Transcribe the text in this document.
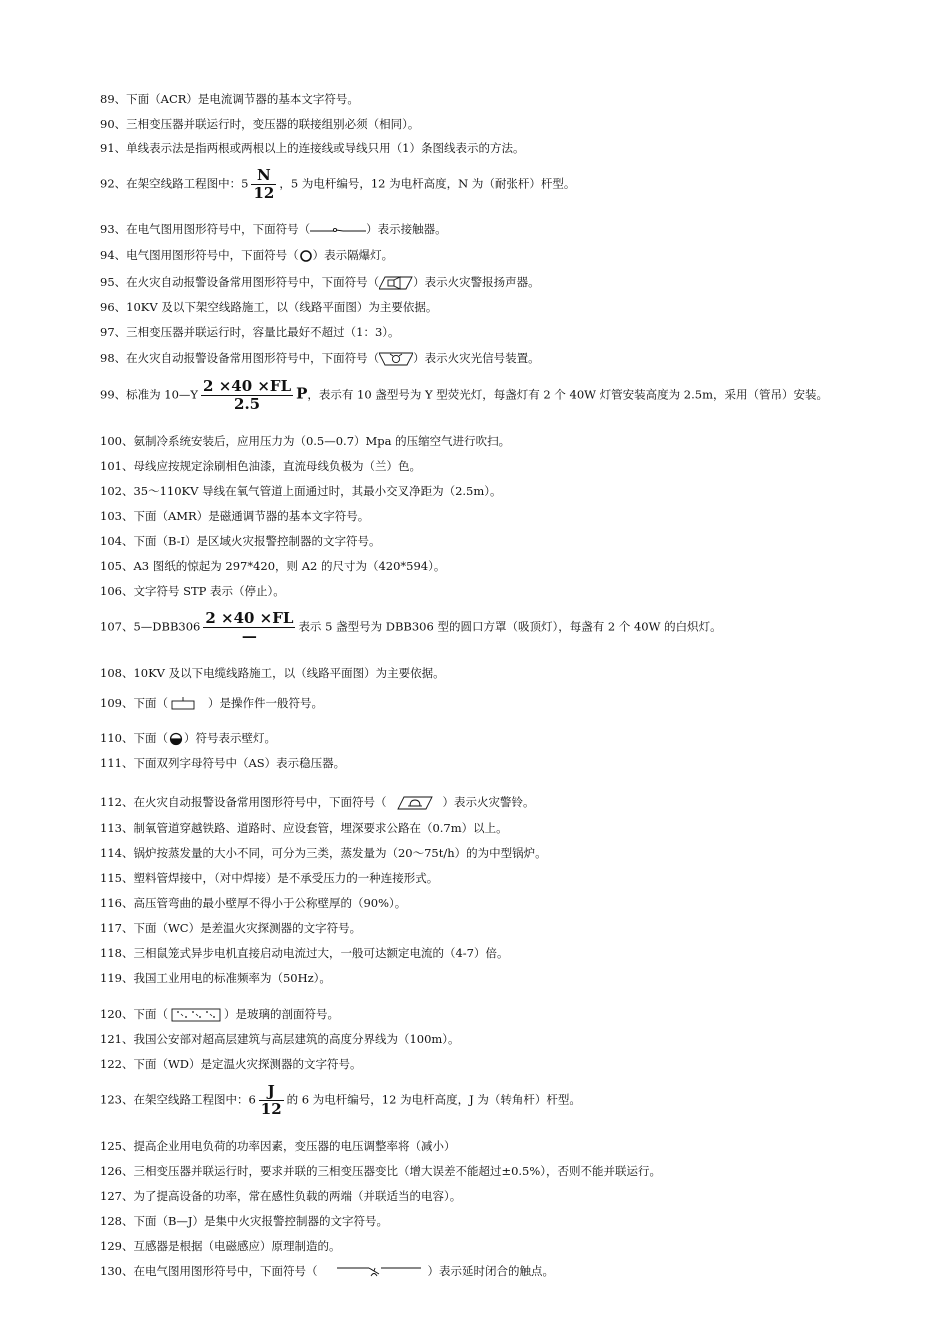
89、下面（ACR）是电流调节器的基本文字符号。
90、三相变压器并联运行时，变压器的联接组别必须（相同）。
91、单线表示法是指两根或两根以上的连接线或导线只用（1）条图线表示的方法。
92、在架空线路工程图中：$5 \frac{N}{12}$ ，5 为电杆编号，12 为电杆高度，N 为（耐张杆）杆型。
93、在电气图用图形符号中，下面符号（	）表示接触器。
94、电气图用图形符号中，下面符号（ ）表示隔爆灯。
95、在火灾自动报警设备常用图形符号中，下面符号（	）表示火灾警报扬声器。
96、10KV 及以下架空线路施工，以（线路平面图）为主要依据。
97、三相变压器并联运行时，容量比最好不超过（1：3）。
98、在火灾自动报警设备常用图形符号中，下面符号（	）表示火灾光信号装置。
99、标准为 10—Y $\frac{2 \times 40 \times FL}{2.5}$ P，表示有 10 盏型号为 Y 型荧光灯，每盏灯有 2 个 40W 灯管安装高度为 2.5m，采用（管吊）安装。
100、氨制冷系统安装后，应用压力为（0.5—0.7）Mpa 的压缩空气进行吹扫。
101、母线应按规定涂刷相色油漆，直流母线负极为（兰）色。
102、35～110KV 导线在氧气管道上面通过时，其最小交叉净距为（2.5m）。
103、下面（AMR）是磁通调节器的基本文字符号。
104、下面（B-I）是区域火灾报警控制器的文字符号。
105、A3 图纸的惊起为 297*420，则 A2 的尺寸为（420*594）。
106、文字符号 STP 表示（停止）。
107、5—DBB306 $\frac{2 \times 40 \times FL}{—}$ 表示 5 盏型号为 DBB306 型的圆口方罩（吸顶灯），每盏有 2 个 40W 的白炽灯。
108、10KV 及以下电缆线路施工，以（线路平面图）为主要依据。
109、下面（	）是操作件一般符号。
110、下面（ ）符号表示壁灯。
111、下面双列字母符号中（AS）表示稳压器。
112、在火灾自动报警设备常用图形符号中，下面符号（	）表示火灾警铃。
113、制氧管道穿越铁路、道路时、应设套管，埋深要求公路在（0.7m）以上。
114、锅炉按蒸发量的大小不同，可分为三类，蒸发量为（20～75t/h）的为中型锅炉。
115、塑料管焊接中，（对中焊接）是不承受压力的一种连接形式。
116、高压管弯曲的最小壁厚不得小于公称壁厚的（90%）。
117、下面（WC）是差温火灾探测器的文字符号。
118、三相鼠笼式异步电机直接启动电流过大，一般可达额定电流的（4-7）倍。
119、我国工业用电的标准频率为（50Hz）。
120、下面（	）是玻璃的剖面符号。
121、我国公安部对超高层建筑与高层建筑的高度分界线为（100m）。
122、下面（WD）是定温火灾探测器的文字符号。
123、在架空线路工程图中：$6 \frac{J}{12}$ 的 6 为电杆编号，12 为电杆高度，J 为（转角杆）杆型。
125、提高企业用电负荷的功率因素，变压器的电压调整率将（减小）
126、三相变压器并联运行时，要求并联的三相变压器变比（增大误差不能超过±0.5%），否则不能并联运行。
127、为了提高设备的功率，常在感性负载的两端（并联适当的电容）。
128、下面（B—J）是集中火灾报警控制器的文字符号。
129、互感器是根据（电磁感应）原理制造的。
130、在电气图用图形符号中，下面符号（	）表示延时闭合的触点。
